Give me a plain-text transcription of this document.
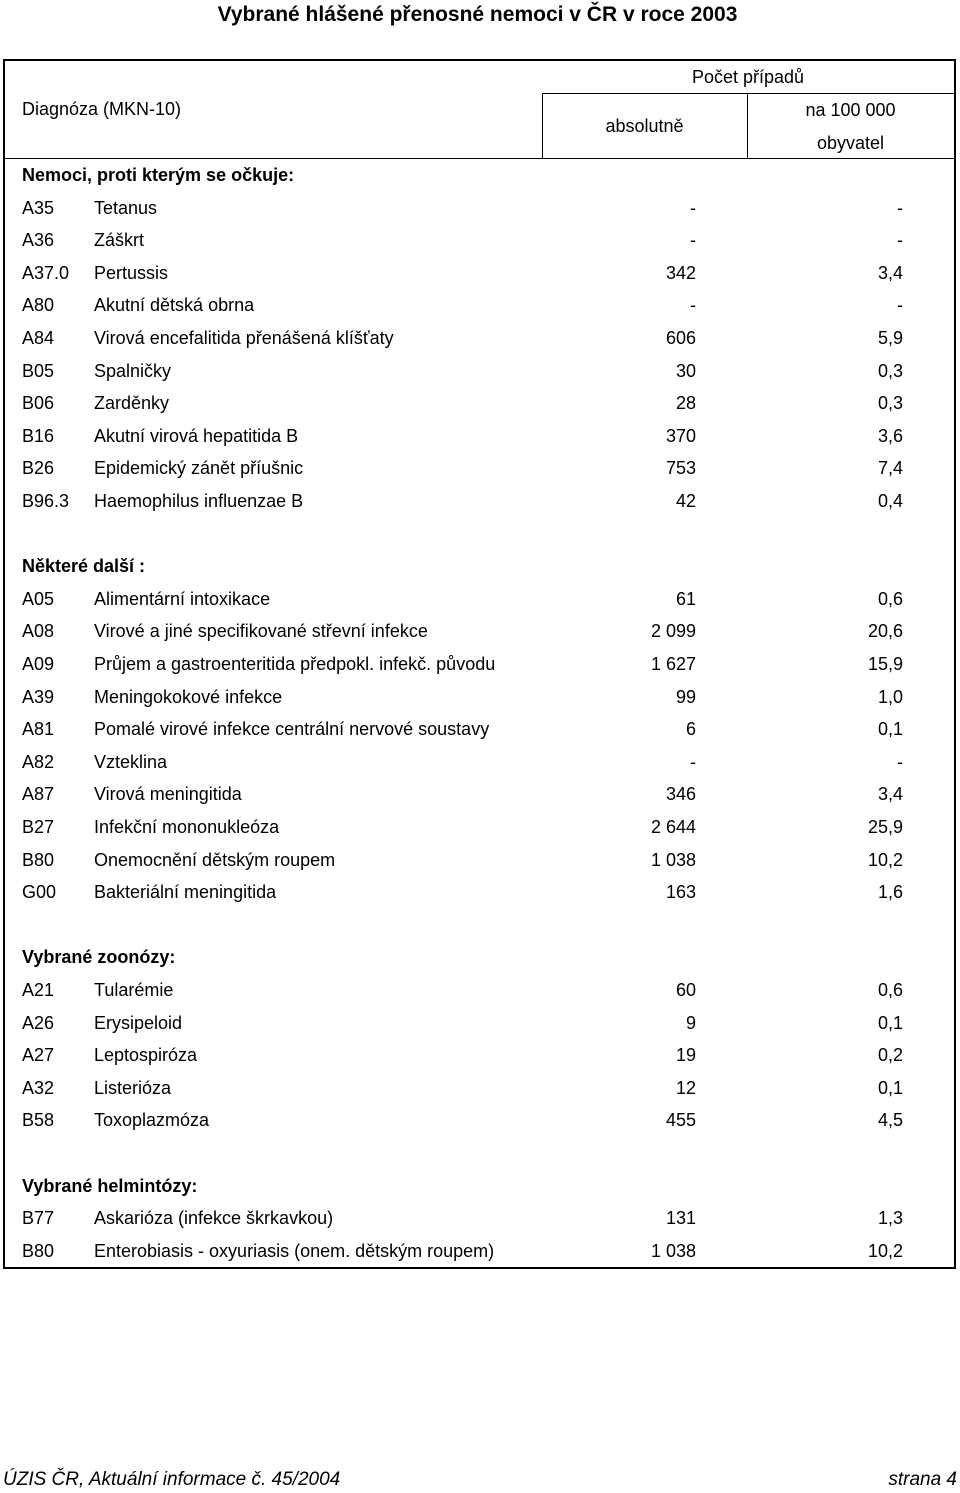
Vybrané hlášené přenosné nemoci v ČR v roce 2003
Diagnóza (MKN-10)
Počet případů
absolutně
na 100 000
obyvatel
Nemoci, proti kterým se očkuje:
A35 Tetanus	-	-
A36 Záškrt	-	-
A37.0 Pertussis	342	3,4
A80 Akutní dětská obrna	-	-
A84 Virová encefalitida přenášená klíšťaty	606	5,9
B05 Spalničky	30	0,3
B06 Zarděnky	28	0,3
B16 Akutní virová hepatitida B	370	3,6
B26 Epidemický zánět příušnic	753	7,4
B96.3 Haemophilus influenzae B	42	0,4
Některé další :
A05 Alimentární intoxikace	61	0,6
A08 Virové a jiné specifikované střevní infekce	2 099	20,6
A09 Průjem a gastroenteritida předpokl. infekč. původu	1 627	15,9
A39 Meningokokové infekce	99	1,0
A81 Pomalé virové infekce centrální nervové soustavy	6	0,1
A82 Vzteklina	-	-
A87 Virová meningitida	346	3,4
B27 Infekční mononukleóza	2 644	25,9
B80 Onemocnění dětským roupem	1 038	10,2
G00 Bakteriální meningitida	163	1,6
Vybrané zoonózy:
A21 Tularémie	60	0,6
A26 Erysipeloid	9	0,1
A27 Leptospiróza	19	0,2
A32 Listerióza	12	0,1
B58 Toxoplazmóza	455	4,5
Vybrané helmintózy:
B77 Askarióza (infekce škrkavkou)	131	1,3
B80 Enterobiasis - oxyuriasis (onem. dětským roupem)	1 038	10,2
ÚZIS ČR, Aktuální informace č. 45/2004	strana 4
